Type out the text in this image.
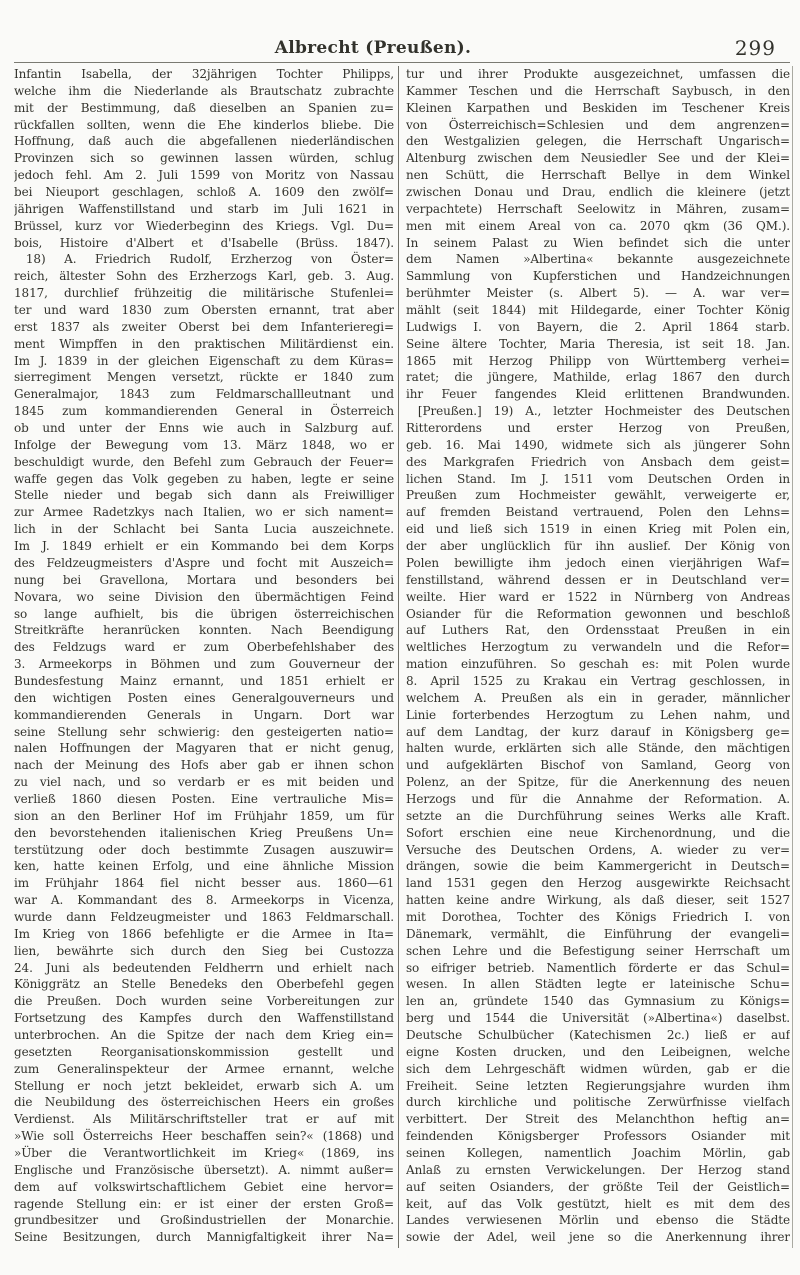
Albrecht (Preußen).	299
Infantin Isabella, der 32jährigen Tochter Philipps,
welche ihm die Niederlande als Brautschatz zubrachte
mit der Bestimmung, daß dieselben an Spanien zu=
rückfallen sollten, wenn die Ehe kinderlos bliebe. Die
Hoffnung, daß auch die abgefallenen niederländischen
Provinzen sich so gewinnen lassen würden, schlug
jedoch fehl. Am 2. Juli 1599 von Moritz von Nassau
bei Nieuport geschlagen, schloß A. 1609 den zwölf=
jährigen Waffenstillstand und starb im Juli 1621 in
Brüssel, kurz vor Wiederbeginn des Kriegs. Vgl. Du=
bois, Histoire d'Albert et d'Isabelle (Brüss. 1847).
 18) A. Friedrich Rudolf, Erzherzog von Öster=
reich, ältester Sohn des Erzherzogs Karl, geb. 3. Aug.
1817, durchlief frühzeitig die militärische Stufenlei=
ter und ward 1830 zum Obersten ernannt, trat aber
erst 1837 als zweiter Oberst bei dem Infanterieregi=
ment Wimpffen in den praktischen Militärdienst ein.
Im J. 1839 in der gleichen Eigenschaft zu dem Küras=
sierregiment Mengen versetzt, rückte er 1840 zum
Generalmajor, 1843 zum Feldmarschallleutnant und
1845 zum kommandierenden General in Österreich
ob und unter der Enns wie auch in Salzburg auf.
Infolge der Bewegung vom 13. März 1848, wo er
beschuldigt wurde, den Befehl zum Gebrauch der Feuer=
waffe gegen das Volk gegeben zu haben, legte er seine
Stelle nieder und begab sich dann als Freiwilliger
zur Armee Radetzkys nach Italien, wo er sich nament=
lich in der Schlacht bei Santa Lucia auszeichnete.
Im J. 1849 erhielt er ein Kommando bei dem Korps
des Feldzeugmeisters d'Aspre und focht mit Auszeich=
nung bei Gravellona, Mortara und besonders bei
Novara, wo seine Division den übermächtigen Feind
so lange aufhielt, bis die übrigen österreichischen
Streitkräfte heranrücken konnten. Nach Beendigung
des Feldzugs ward er zum Oberbefehlshaber des
3. Armeekorps in Böhmen und zum Gouverneur der
Bundesfestung Mainz ernannt, und 1851 erhielt er
den wichtigen Posten eines Generalgouverneurs und
kommandierenden Generals in Ungarn. Dort war
seine Stellung sehr schwierig: den gesteigerten natio=
nalen Hoffnungen der Magyaren that er nicht genug,
nach der Meinung des Hofs aber gab er ihnen schon
zu viel nach, und so verdarb er es mit beiden und
verließ 1860 diesen Posten. Eine vertrauliche Mis=
sion an den Berliner Hof im Frühjahr 1859, um für
den bevorstehenden italienischen Krieg Preußens Un=
terstützung oder doch bestimmte Zusagen auszuwir=
ken, hatte keinen Erfolg, und eine ähnliche Mission
im Frühjahr 1864 fiel nicht besser aus. 1860—61
war A. Kommandant des 8. Armeekorps in Vicenza,
wurde dann Feldzeugmeister und 1863 Feldmarschall.
Im Krieg von 1866 befehligte er die Armee in Ita=
lien, bewährte sich durch den Sieg bei Custozza
24. Juni als bedeutenden Feldherrn und erhielt nach
Königgrätz an Stelle Benedeks den Oberbefehl gegen
die Preußen. Doch wurden seine Vorbereitungen zur
Fortsetzung des Kampfes durch den Waffenstillstand
unterbrochen. An die Spitze der nach dem Krieg ein=
gesetzten Reorganisationskommission gestellt und
zum Generalinspekteur der Armee ernannt, welche
Stellung er noch jetzt bekleidet, erwarb sich A. um
die Neubildung des österreichischen Heers ein großes
Verdienst. Als Militärschriftsteller trat er auf mit
»Wie soll Österreichs Heer beschaffen sein?« (1868) und
»Über die Verantwortlichkeit im Krieg« (1869, ins
Englische und Französische übersetzt). A. nimmt außer=
dem auf volkswirtschaftlichem Gebiet eine hervor=
ragende Stellung ein: er ist einer der ersten Groß=
grundbesitzer und Großindustriellen der Monarchie.
Seine Besitzungen, durch Mannigfaltigkeit ihrer Na=
tur und ihrer Produkte ausgezeichnet, umfassen die
Kammer Teschen und die Herrschaft Saybusch, in den
Kleinen Karpathen und Beskiden im Teschener Kreis
von Österreichisch=Schlesien und dem angrenzen=
den Westgalizien gelegen, die Herrschaft Ungarisch=
Altenburg zwischen dem Neusiedler See und der Klei=
nen Schütt, die Herrschaft Bellye in dem Winkel
zwischen Donau und Drau, endlich die kleinere (jetzt
verpachtete) Herrschaft Seelowitz in Mähren, zusam=
men mit einem Areal von ca. 2070 qkm (36 QM.).
In seinem Palast zu Wien befindet sich die unter
dem Namen »Albertina« bekannte ausgezeichnete
Sammlung von Kupferstichen und Handzeichnungen
berühmter Meister (s. Albert 5). — A. war ver=
mählt (seit 1844) mit Hildegarde, einer Tochter König
Ludwigs I. von Bayern, die 2. April 1864 starb.
Seine ältere Tochter, Maria Theresia, ist seit 18. Jan.
1865 mit Herzog Philipp von Württemberg verhei=
ratet; die jüngere, Mathilde, erlag 1867 den durch
ihr Feuer fangendes Kleid erlittenen Brandwunden.
 [Preußen.] 19) A., letzter Hochmeister des Deutschen
Ritterordens und erster Herzog von Preußen,
geb. 16. Mai 1490, widmete sich als jüngerer Sohn
des Markgrafen Friedrich von Ansbach dem geist=
lichen Stand. Im J. 1511 vom Deutschen Orden in
Preußen zum Hochmeister gewählt, verweigerte er,
auf fremden Beistand vertrauend, Polen den Lehns=
eid und ließ sich 1519 in einen Krieg mit Polen ein,
der aber unglücklich für ihn auslief. Der König von
Polen bewilligte ihm jedoch einen vierjährigen Waf=
fenstillstand, während dessen er in Deutschland ver=
weilte. Hier ward er 1522 in Nürnberg von Andreas
Osiander für die Reformation gewonnen und beschloß
auf Luthers Rat, den Ordensstaat Preußen in ein
weltliches Herzogtum zu verwandeln und die Refor=
mation einzuführen. So geschah es: mit Polen wurde
8. April 1525 zu Krakau ein Vertrag geschlossen, in
welchem A. Preußen als ein in gerader, männlicher
Linie forterbendes Herzogtum zu Lehen nahm, und
auf dem Landtag, der kurz darauf in Königsberg ge=
halten wurde, erklärten sich alle Stände, den mächtigen
und aufgeklärten Bischof von Samland, Georg von
Polenz, an der Spitze, für die Anerkennung des neuen
Herzogs und für die Annahme der Reformation. A.
setzte an die Durchführung seines Werks alle Kraft.
Sofort erschien eine neue Kirchenordnung, und die
Versuche des Deutschen Ordens, A. wieder zu ver=
drängen, sowie die beim Kammergericht in Deutsch=
land 1531 gegen den Herzog ausgewirkte Reichsacht
hatten keine andre Wirkung, als daß dieser, seit 1527
mit Dorothea, Tochter des Königs Friedrich I. von
Dänemark, vermählt, die Einführung der evangeli=
schen Lehre und die Befestigung seiner Herrschaft um
so eifriger betrieb. Namentlich förderte er das Schul=
wesen. In allen Städten legte er lateinische Schu=
len an, gründete 1540 das Gymnasium zu Königs=
berg und 1544 die Universität (»Albertina«) daselbst.
Deutsche Schulbücher (Katechismen 2c.) ließ er auf
eigne Kosten drucken, und den Leibeignen, welche
sich dem Lehrgeschäft widmen würden, gab er die
Freiheit. Seine letzten Regierungsjahre wurden ihm
durch kirchliche und politische Zerwürfnisse vielfach
verbittert. Der Streit des Melanchthon heftig an=
feindenden Königsberger Professors Osiander mit
seinen Kollegen, namentlich Joachim Mörlin, gab
Anlaß zu ernsten Verwickelungen. Der Herzog stand
auf seiten Osianders, der größte Teil der Geistlich=
keit, auf das Volk gestützt, hielt es mit dem des
Landes verwiesenen Mörlin und ebenso die Städte
sowie der Adel, weil jene so die Anerkennung ihrer
